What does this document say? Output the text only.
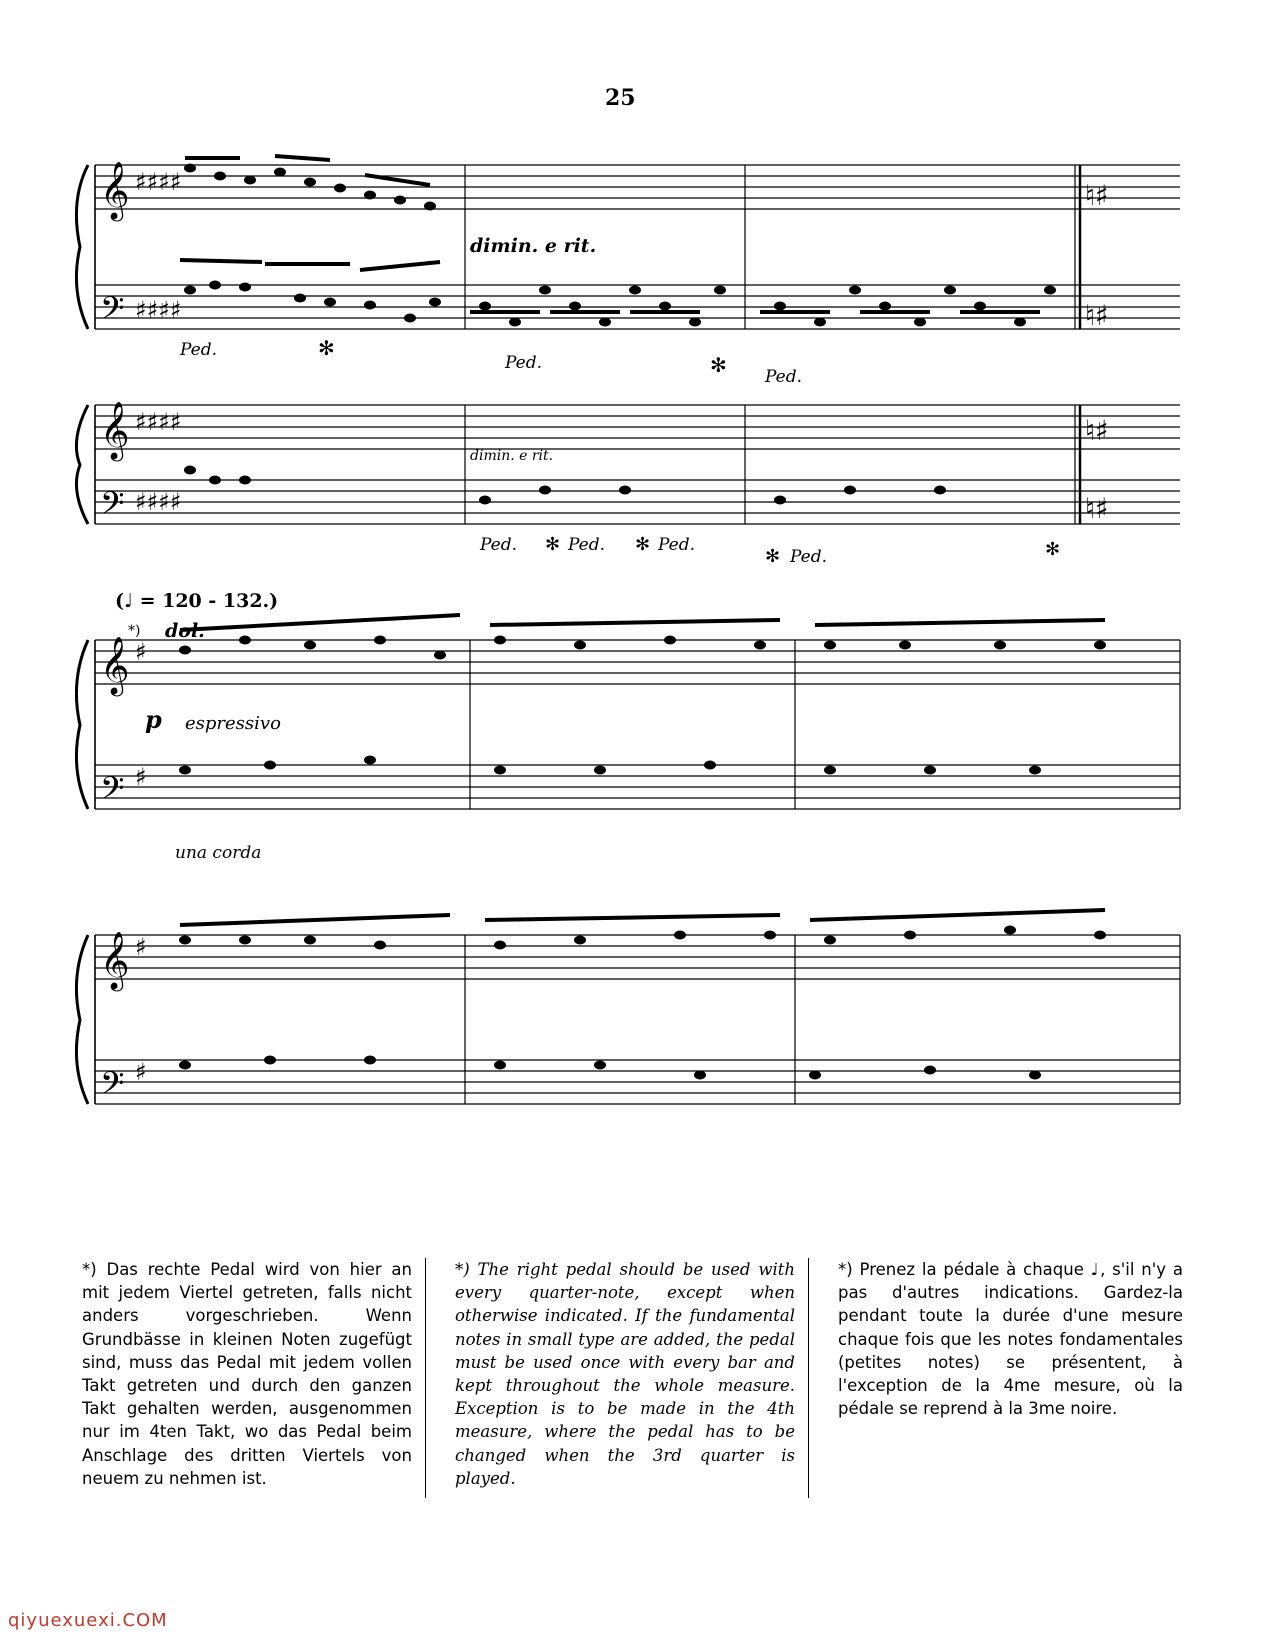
25
𝄞
𝄢
𝄞
𝄢
𝄞
𝄢
𝄞
𝄢
♮♯
♮♯
♮♯
♮♯
♯♯♯♯
♯♯♯♯
♯♯♯♯
♯♯♯♯
♯
♯
♯
♯
dimin. e rit.
dimin. e rit.
(♩ = 120 - 132.)
*) dol.
p espressivo
una corda
Ped.	✻
Ped.	✻ Ped.
Ped. ✻ Ped. ✻ Ped.
✻ Ped.	✻

*) Das rechte Pedal wird von hier an mit jedem Viertel getreten, falls nicht anders vorgeschrieben. Wenn Grundbässe in kleinen Noten zugefügt sind, muss das Pedal mit jedem vollen Takt getreten und durch den ganzen Takt gehalten werden, ausgenommen nur im 4ten Takt, wo das Pedal beim Anschlage des dritten Viertels von neuem zu nehmen ist.

*) The right pedal should be used with every quarter-note, except when otherwise indicated. If the fundamental notes in small type are added, the pedal must be used once with every bar and kept throughout the whole measure. Exception is to be made in the 4th measure, where the pedal has to be changed when the 3rd quarter is played.

*) Prenez la pédale à chaque ♩, s'il n'y a pas d'autres indications. Gardez-la pendant toute la durée d'une mesure chaque fois que les notes fondamentales (petites notes) se présentent, à l'exception de la 4me mesure, où la pédale se reprend à la 3me noire.

qiyuexuexi.COM
